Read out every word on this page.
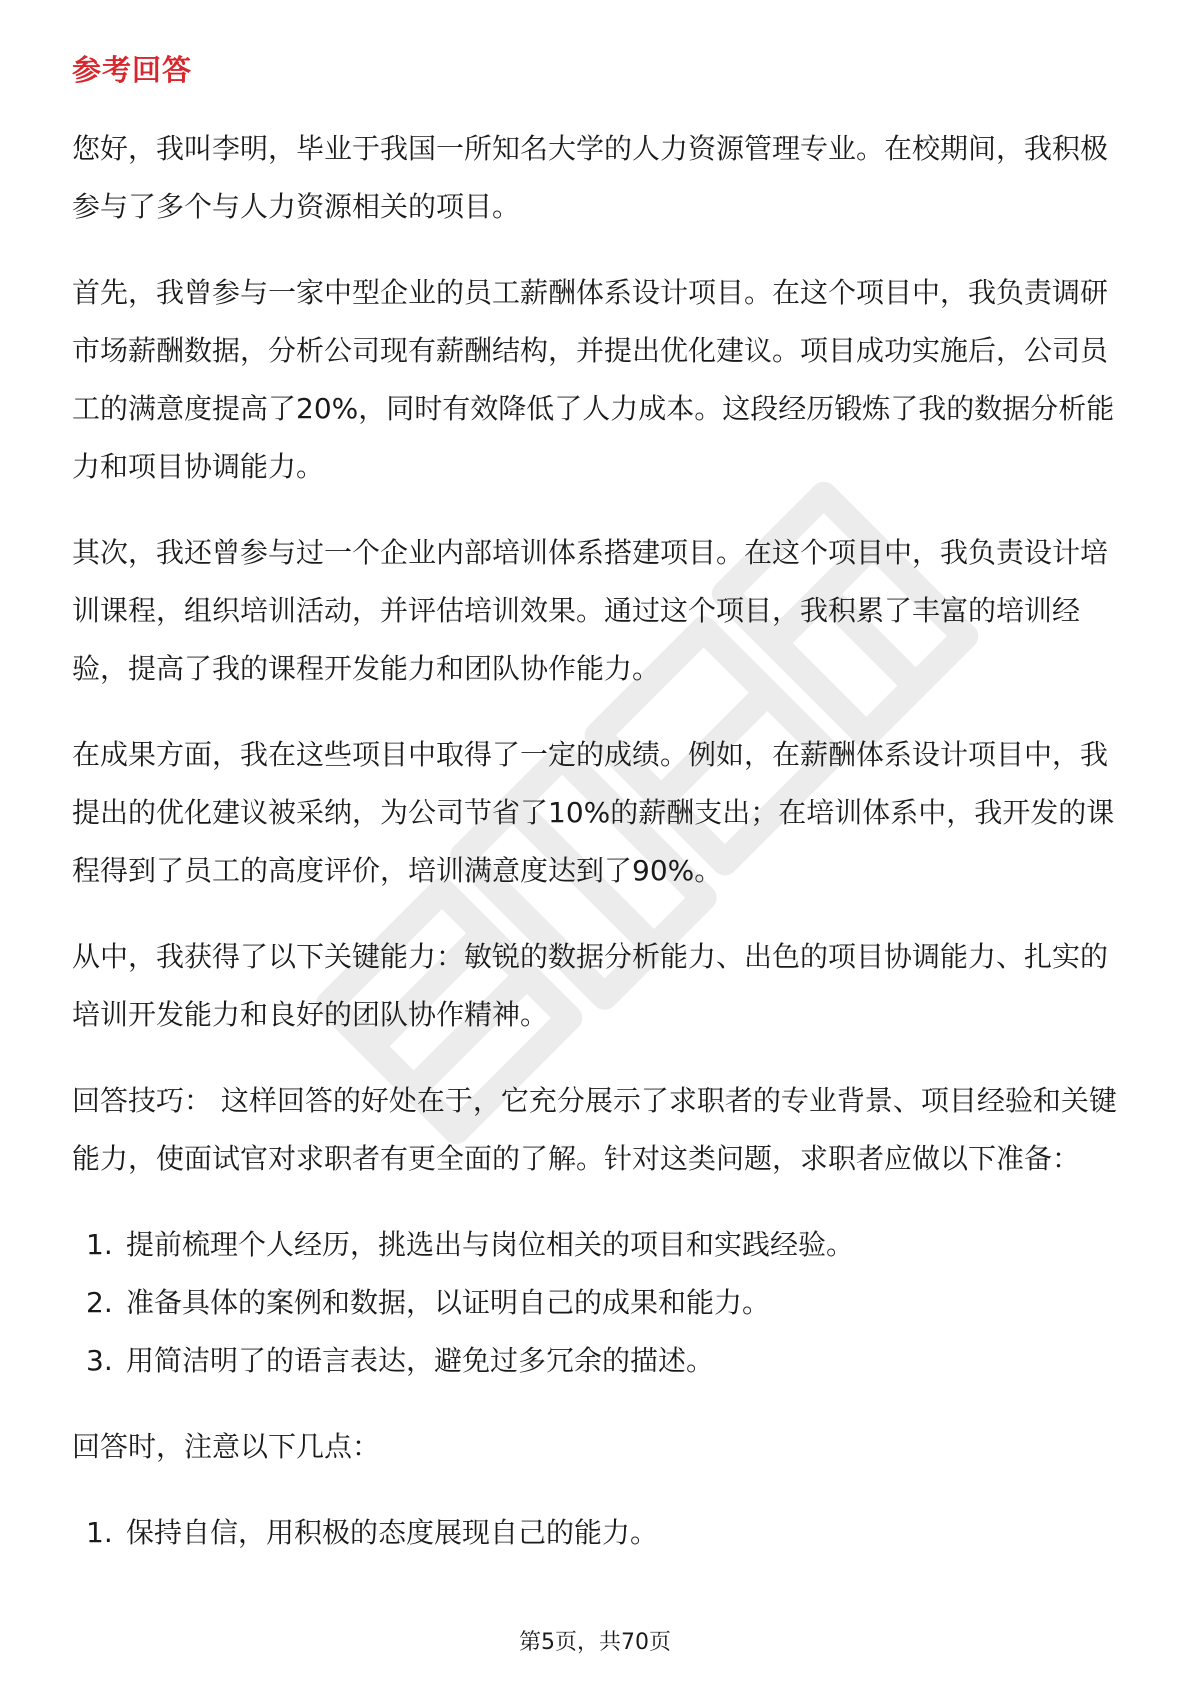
参考回答

您好，我叫李明，毕业于我国一所知名大学的人力资源管理专业。在校期间，我积极参与了多个与人力资源相关的项目。

首先，我曾参与一家中型企业的员工薪酬体系设计项目。在这个项目中，我负责调研市场薪酬数据，分析公司现有薪酬结构，并提出优化建议。项目成功实施后，公司员工的满意度提高了20%，同时有效降低了人力成本。这段经历锻炼了我的数据分析能力和项目协调能力。

其次，我还曾参与过一个企业内部培训体系搭建项目。在这个项目中，我负责设计培训课程，组织培训活动，并评估培训效果。通过这个项目，我积累了丰富的培训经验，提高了我的课程开发能力和团队协作能力。

在成果方面，我在这些项目中取得了一定的成绩。例如，在薪酬体系设计项目中，我提出的优化建议被采纳，为公司节省了10%的薪酬支出；在培训体系中，我开发的课程得到了员工的高度评价，培训满意度达到了90%。

从中，我获得了以下关键能力：敏锐的数据分析能力、出色的项目协调能力、扎实的培训开发能力和良好的团队协作精神。

回答技巧： 这样回答的好处在于，它充分展示了求职者的专业背景、项目经验和关键能力，使面试官对求职者有更全面的了解。针对这类问题，求职者应做以下准备：

1. 提前梳理个人经历，挑选出与岗位相关的项目和实践经验。
2. 准备具体的案例和数据，以证明自己的成果和能力。
3. 用简洁明了的语言表达，避免过多冗余的描述。

回答时，注意以下几点：

1. 保持自信，用积极的态度展现自己的能力。
第5页，共70页
